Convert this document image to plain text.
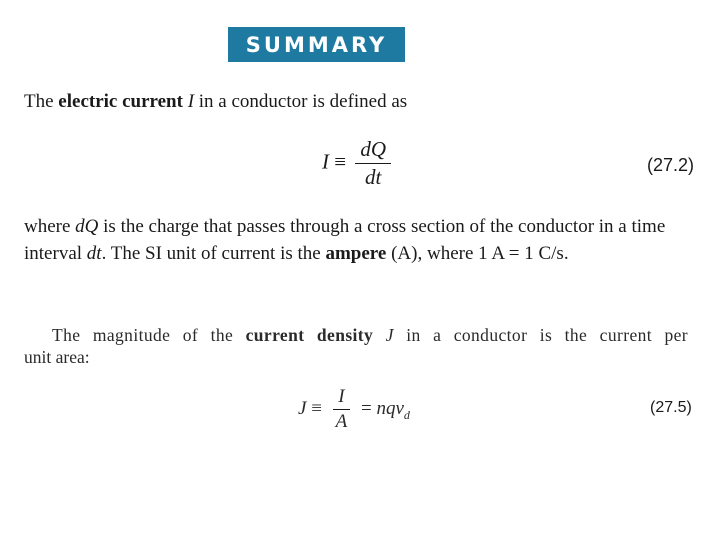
SUMMARY
The electric current I in a conductor is defined as
$I \equiv \frac{dQ}{dt}$	(27.2)
where dQ is the charge that passes through a cross section of the conductor in a time
interval dt. The SI unit of current is the ampere (A), where 1 A = 1 C/s.
The magnitude of the current density J in a conductor is the current per
unit area:
$J \equiv \frac{I}{A} = nqv_d$	(27.5)
